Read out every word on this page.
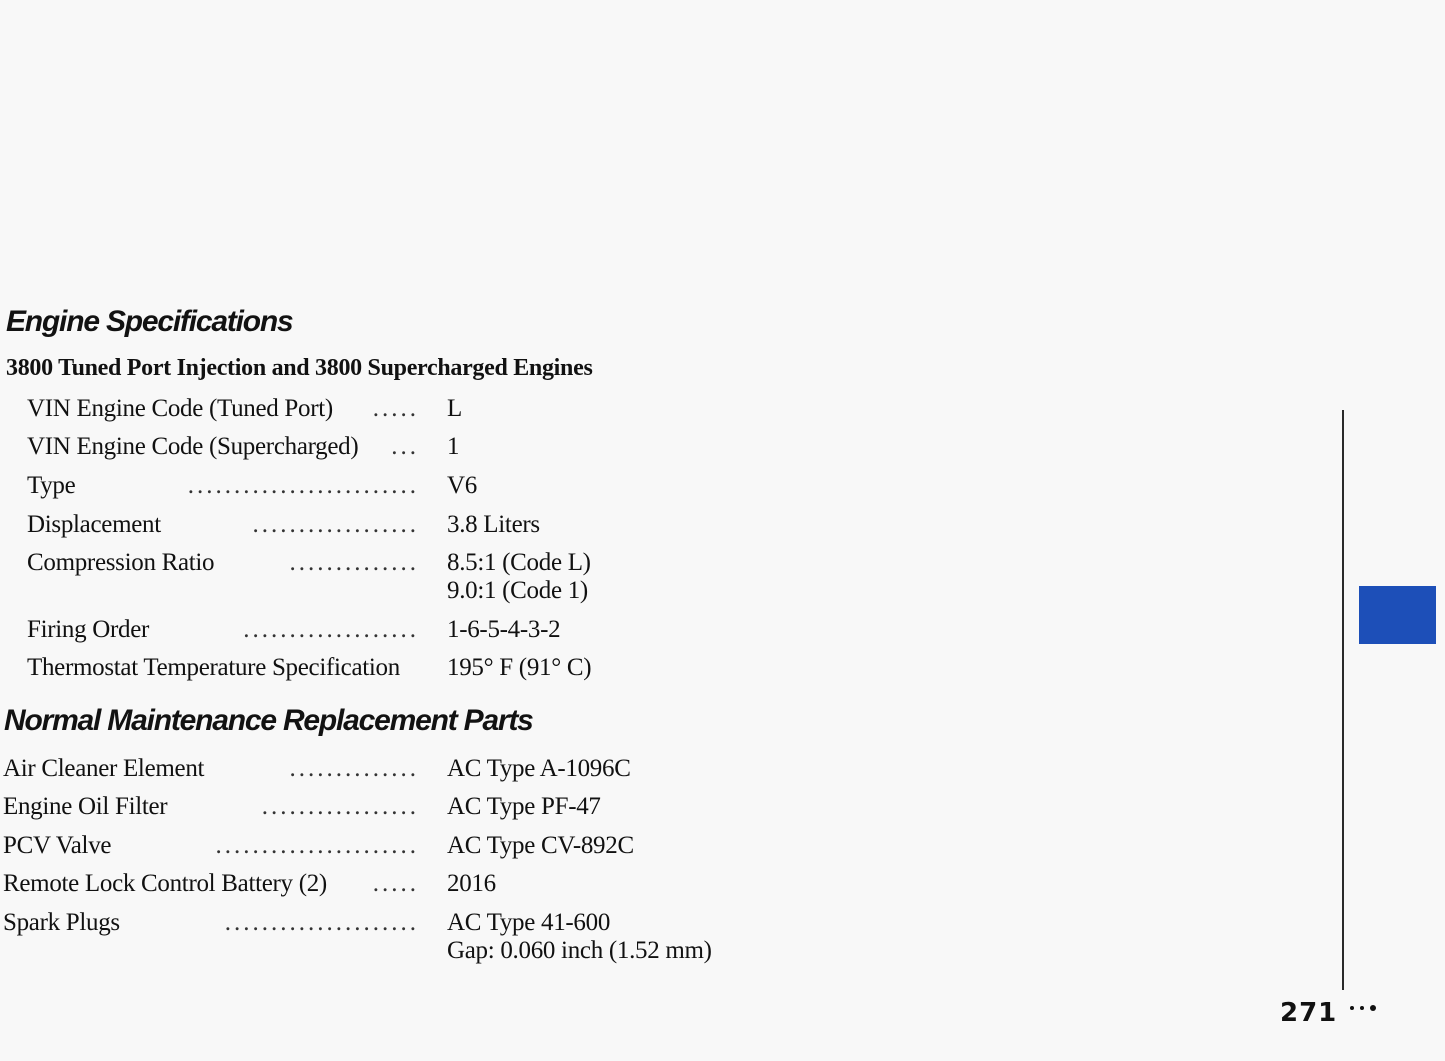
Engine Specifications
3800 Tuned Port Injection and 3800 Supercharged Engines
VIN Engine Code (Tuned Port)	..... L
VIN Engine Code (Supercharged)	... 1
Type	......................... V6
Displacement	.................. 3.8 Liters
Compression Ratio	.............. 8.5:1 (Code L)
9.0:1 (Code 1)
Firing Order	................... 1-6-5-4-3-2
Thermostat Temperature Specification 195° F (91° C)
Normal Maintenance Replacement Parts
Air Cleaner Element	.............. AC Type A-1096C
Engine Oil Filter	................. AC Type PF-47
PCV Valve	...................... AC Type CV-892C
Remote Lock Control Battery (2)	..... 2016
Spark Plugs	..................... AC Type 41-600
Gap: 0.060 inch (1.52 mm)
271
